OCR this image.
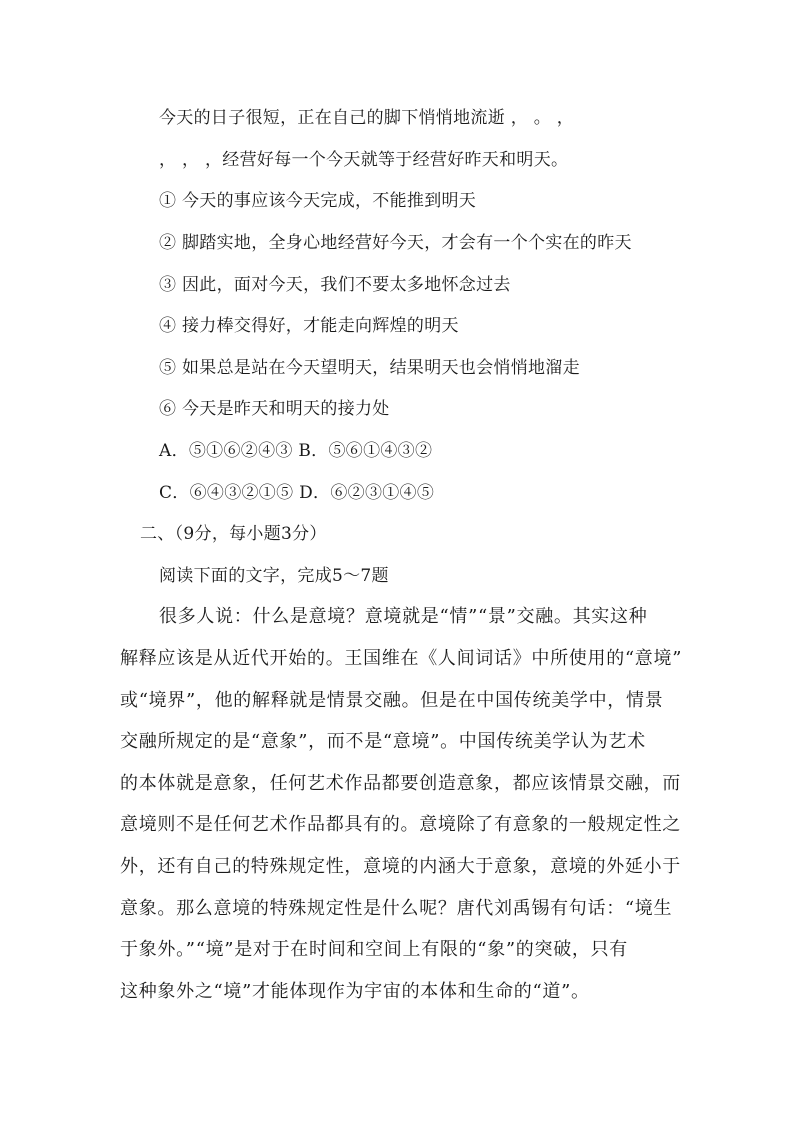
今天的日子很短，正在自己的脚下悄悄地流逝 ， 。 ，
， ， ，经营好每一个今天就等于经营好昨天和明天。
① 今天的事应该今天完成，不能推到明天
② 脚踏实地，全身心地经营好今天，才会有一个个实在的昨天
③ 因此，面对今天，我们不要太多地怀念过去
④ 接力棒交得好，才能走向辉煌的明天
⑤ 如果总是站在今天望明天，结果明天也会悄悄地溜走
⑥ 今天是昨天和明天的接力处
A．⑤①⑥②④③ B．⑤⑥①④③②
C．⑥④③②①⑤ D．⑥②③①④⑤
二、（9分，每小题3分）
阅读下面的文字，完成5～7题
很多人说：什么是意境？意境就是“情”“景”交融。其实这种
解释应该是从近代开始的。王国维在《人间词话》中所使用的“意境”
或“境界”，他的解释就是情景交融。但是在中国传统美学中，情景
交融所规定的是“意象”，而不是“意境”。中国传统美学认为艺术
的本体就是意象，任何艺术作品都要创造意象，都应该情景交融，而
意境则不是任何艺术作品都具有的。意境除了有意象的一般规定性之
外，还有自己的特殊规定性，意境的内涵大于意象，意境的外延小于
意象。那么意境的特殊规定性是什么呢？唐代刘禹锡有句话：“境生
于象外。”“境”是对于在时间和空间上有限的“象”的突破，只有
这种象外之“境”才能体现作为宇宙的本体和生命的“道”。
